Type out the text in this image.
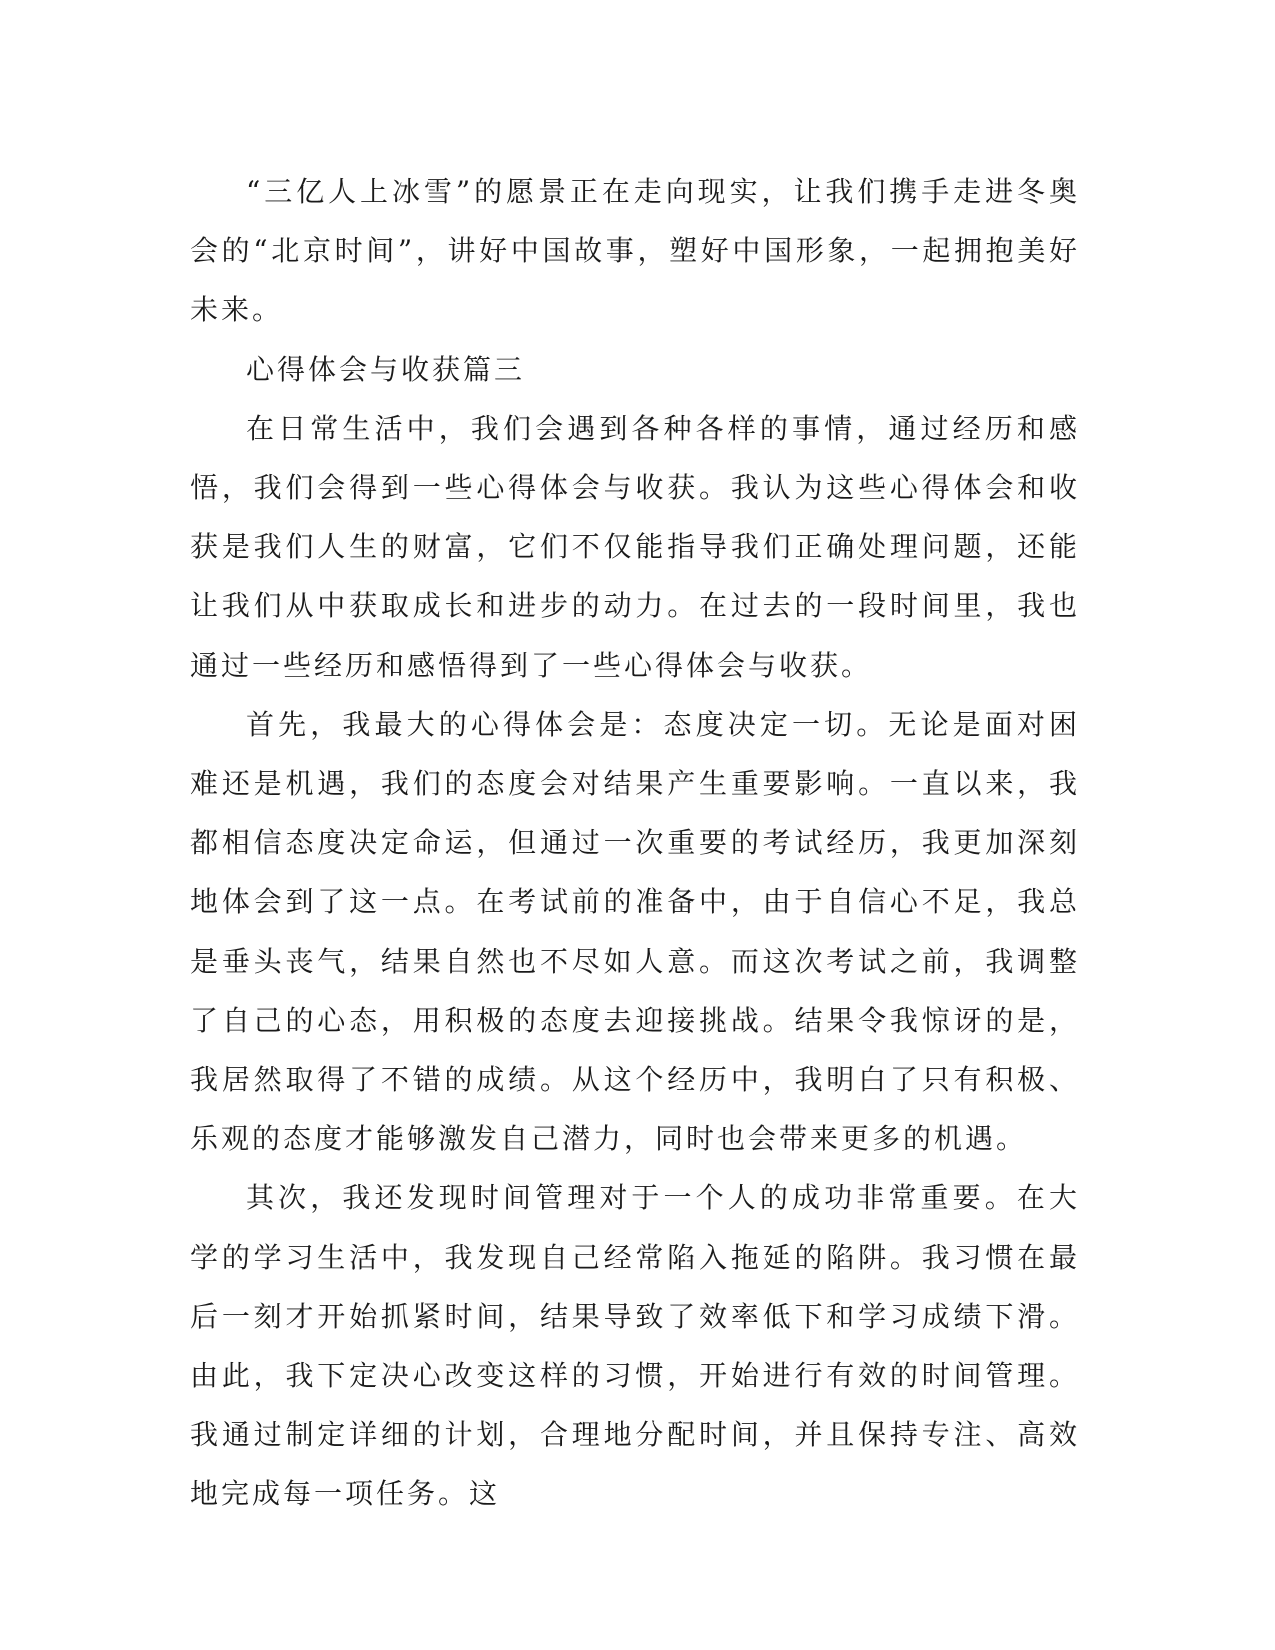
“三亿人上冰雪”的愿景正在走向现实，让我们携手走进冬奥会的“北京时间”，讲好中国故事，塑好中国形象，一起拥抱美好未来。

心得体会与收获篇三

在日常生活中，我们会遇到各种各样的事情，通过经历和感悟，我们会得到一些心得体会与收获。我认为这些心得体会和收获是我们人生的财富，它们不仅能指导我们正确处理问题，还能让我们从中获取成长和进步的动力。在过去的一段时间里，我也通过一些经历和感悟得到了一些心得体会与收获。

首先，我最大的心得体会是：态度决定一切。无论是面对困难还是机遇，我们的态度会对结果产生重要影响。一直以来，我都相信态度决定命运，但通过一次重要的考试经历，我更加深刻地体会到了这一点。在考试前的准备中，由于自信心不足，我总是垂头丧气，结果自然也不尽如人意。而这次考试之前，我调整了自己的心态，用积极的态度去迎接挑战。结果令我惊讶的是，我居然取得了不错的成绩。从这个经历中，我明白了只有积极、乐观的态度才能够激发自己潜力，同时也会带来更多的机遇。

其次，我还发现时间管理对于一个人的成功非常重要。在大学的学习生活中，我发现自己经常陷入拖延的陷阱。我习惯在最后一刻才开始抓紧时间，结果导致了效率低下和学习成绩下滑。由此，我下定决心改变这样的习惯，开始进行有效的时间管理。我通过制定详细的计划，合理地分配时间，并且保持专注、高效地完成每一项任务。这
